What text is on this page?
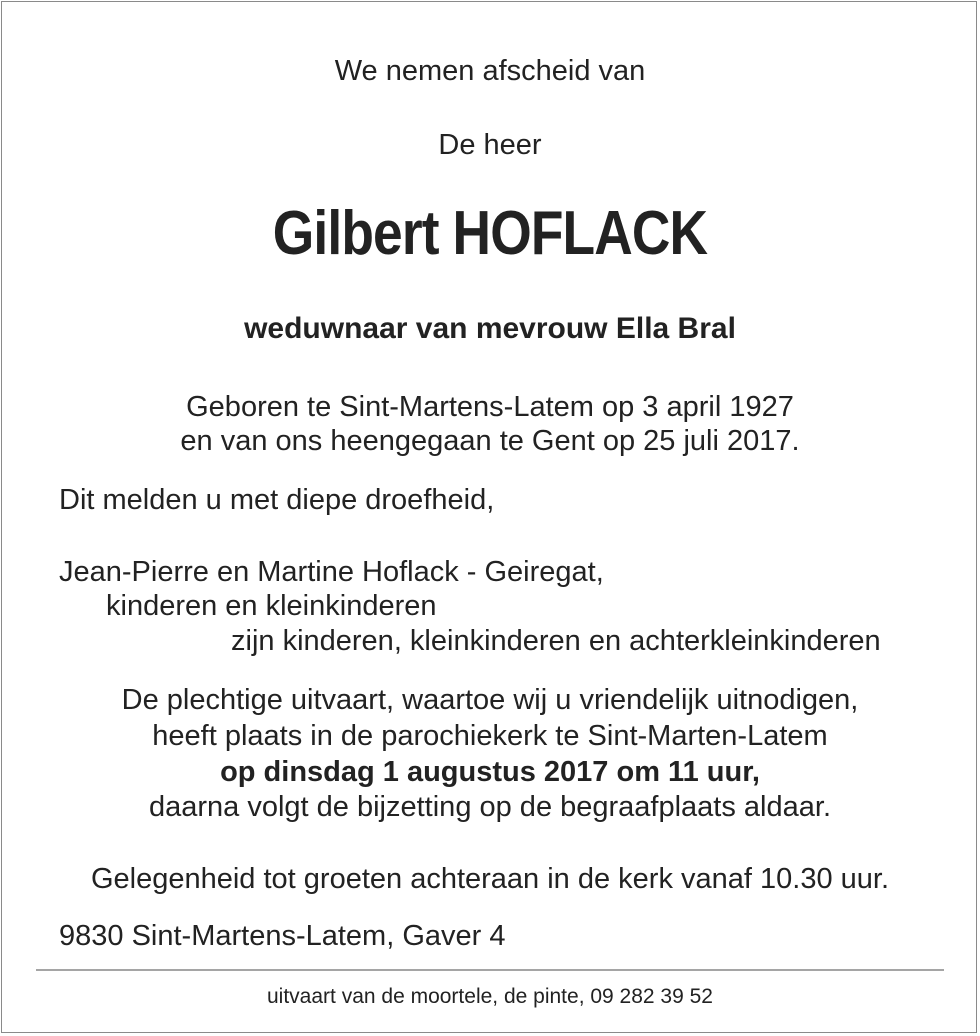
We nemen afscheid van
De heer
Gilbert HOFLACK
weduwnaar van mevrouw Ella Bral
Geboren te Sint-Martens-Latem op 3 april 1927
en van ons heengegaan te Gent op 25 juli 2017.
Dit melden u met diepe droefheid,
Jean-Pierre en Martine Hoflack - Geiregat,
kinderen en kleinkinderen
zijn kinderen, kleinkinderen en achterkleinkinderen
De plechtige uitvaart, waartoe wij u vriendelijk uitnodigen,
heeft plaats in de parochiekerk te Sint-Marten-Latem
op dinsdag 1 augustus 2017 om 11 uur,
daarna volgt de bijzetting op de begraafplaats aldaar.
Gelegenheid tot groeten achteraan in de kerk vanaf 10.30 uur.
9830 Sint-Martens-Latem, Gaver 4
uitvaart van de moortele, de pinte, 09 282 39 52
